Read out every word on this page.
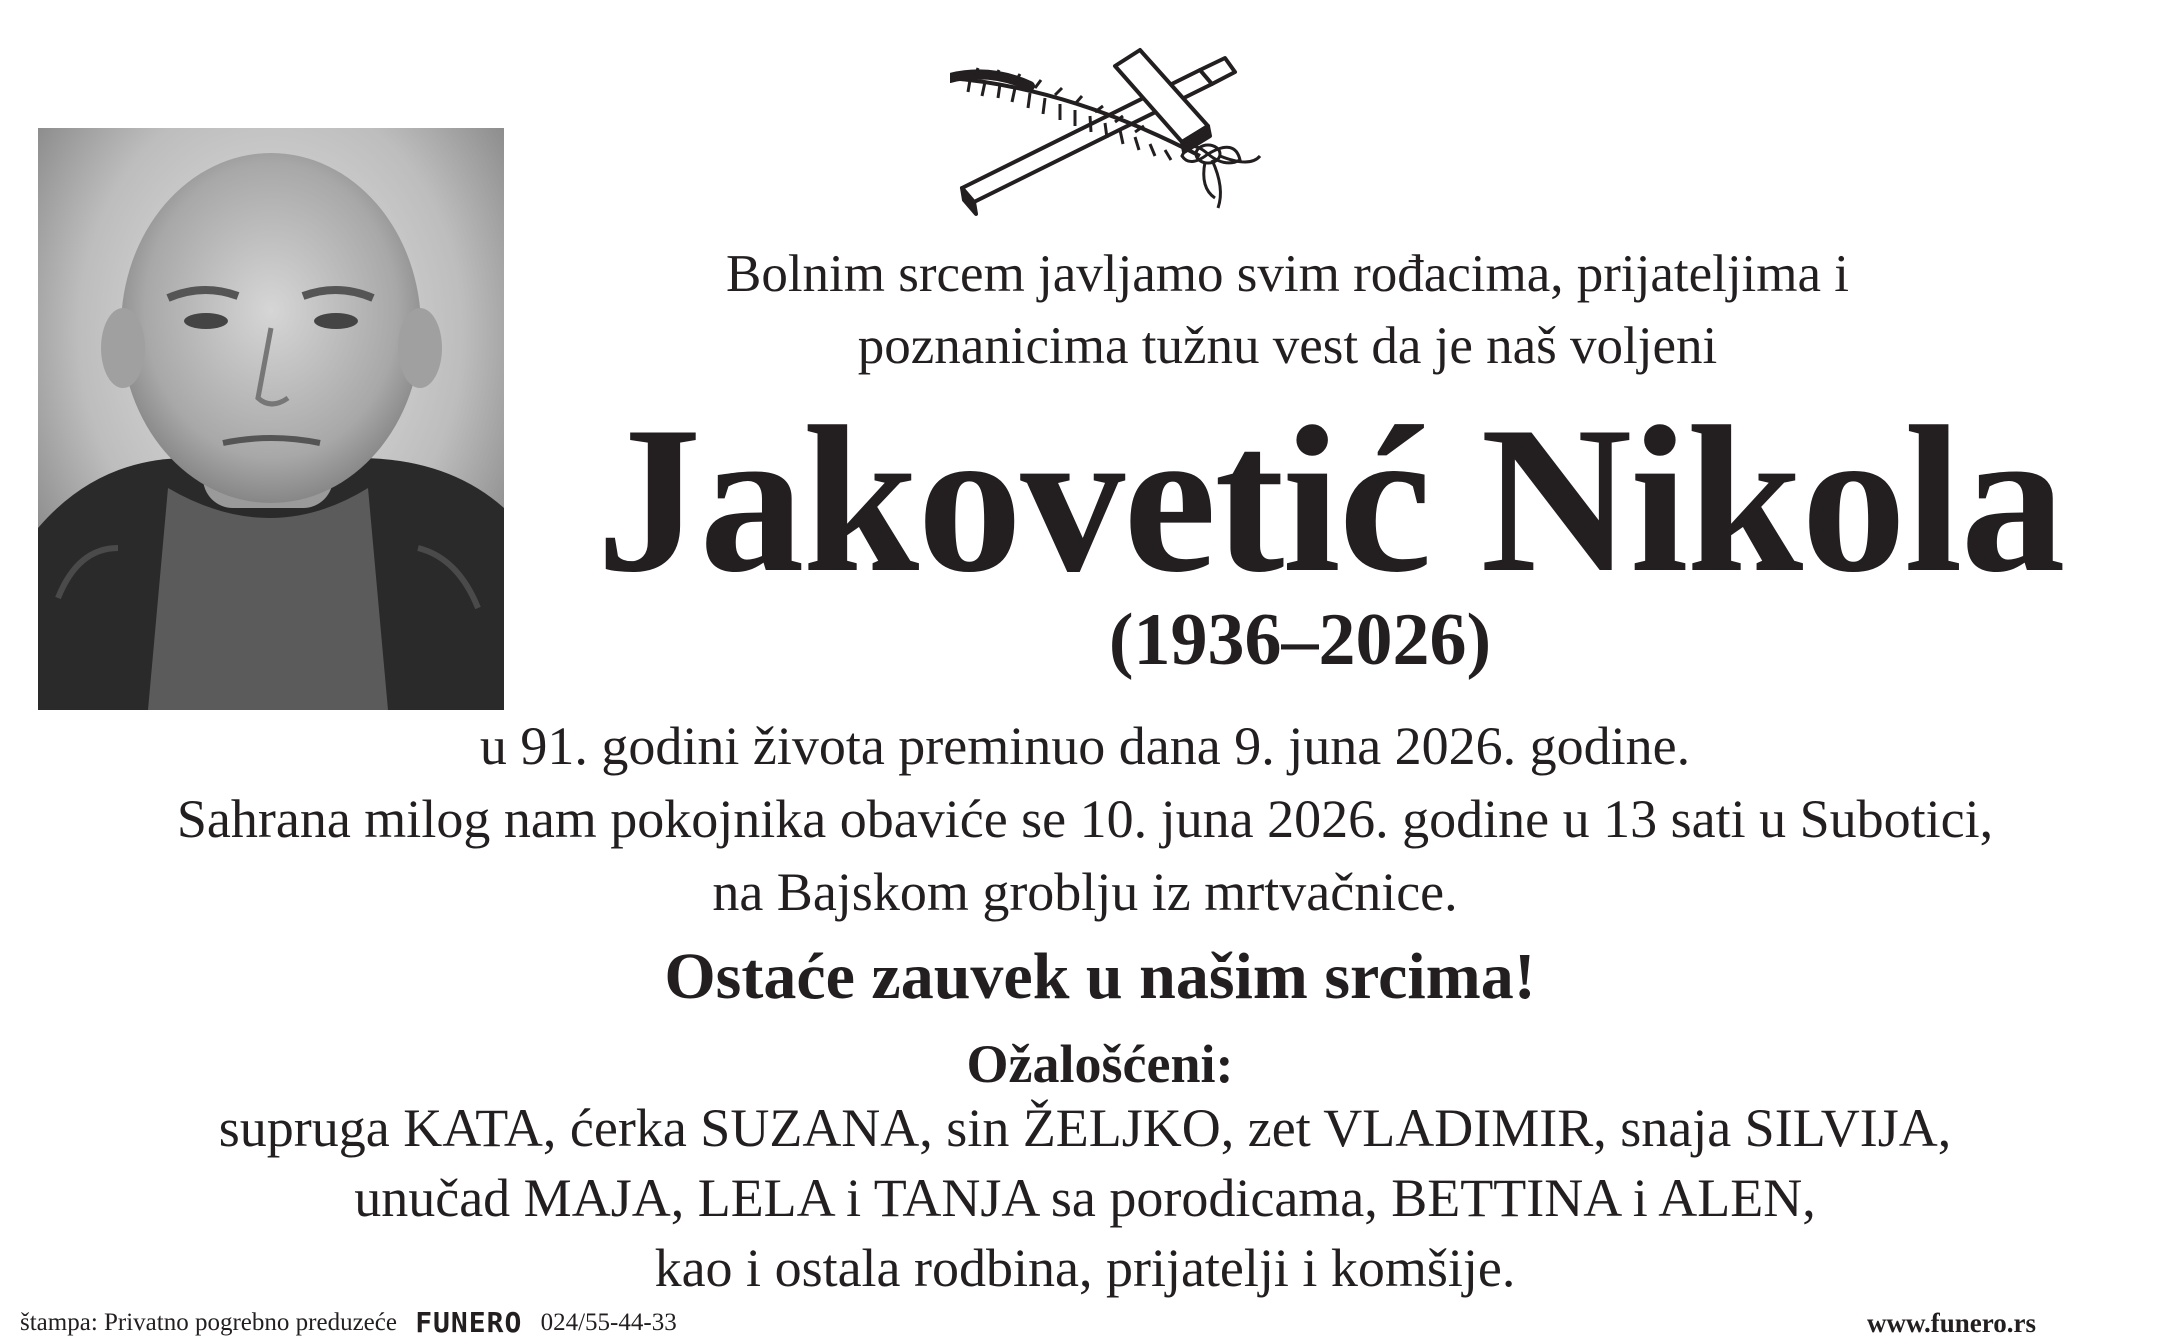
Bolnim srcem javljamo svim rođacima, prijateljima i
poznanicima tužnu vest da je naš voljeni
Jakovetić Nikola
(1936–2026)
u 91. godini života preminuo dana 9. juna 2026. godine.
Sahrana milog nam pokojnika obaviće se 10. juna 2026. godine u 13 sati u Subotici,
na Bajskom groblju iz mrtvačnice.
Ostaće zauvek u našim srcima!
Ožalošćeni:
supruga KATA, ćerka SUZANA, sin ŽELJKO, zet VLADIMIR, snaja SILVIJA,
unučad MAJA, LELA i TANJA sa porodicama, BETTINA i ALEN,
kao i ostala rodbina, prijatelji i komšije.
štampa: Privatno pogrebno preduzeće FUNERO 024/55-44-33	www.funero.rs
